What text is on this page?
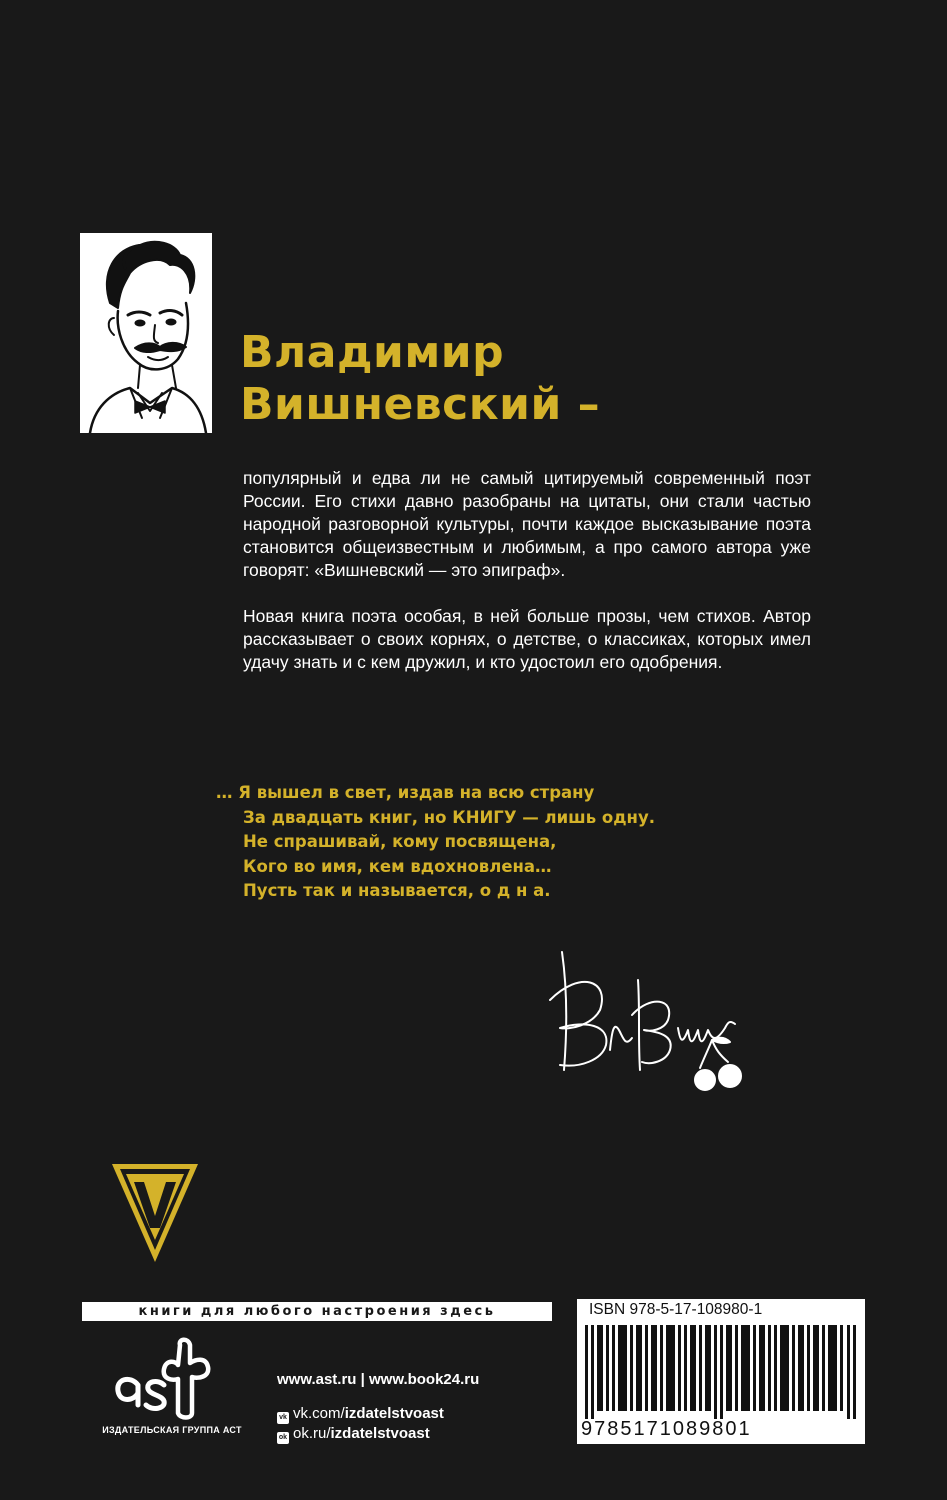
Владимир
Вишневский –

популярный и едва ли не самый цитируемый современный поэт России. Его стихи давно разобраны на цитаты, они стали частью народной разговорной культуры, почти каждое высказывание поэта становится общеизвестным и любимым, а про самого автора уже говорят: «Вишневский — это эпиграф».

Новая книга поэта особая, в ней больше прозы, чем стихов. Автор рассказывает о своих корнях, о детстве, о классиках, которых имел удачу знать и с кем дружил, и кто удостоил его одобрения.

… Я вышел в свет, издав на всю страну
За двадцать книг, но КНИГУ — лишь одну.
Не спрашивай, кому посвящена,
Кого во имя, кем вдохновлена…
Пусть так и называется, о д н а.
книги для любого настроения здесь
ИЗДАТЕЛЬСКАЯ ГРУППА АСТ
www.ast.ru | www.book24.ru
vk vk.com/izdatelstvoast
ok ok.ru/izdatelstvoast
ISBN 978-5-17-108980-1
9785171089801
